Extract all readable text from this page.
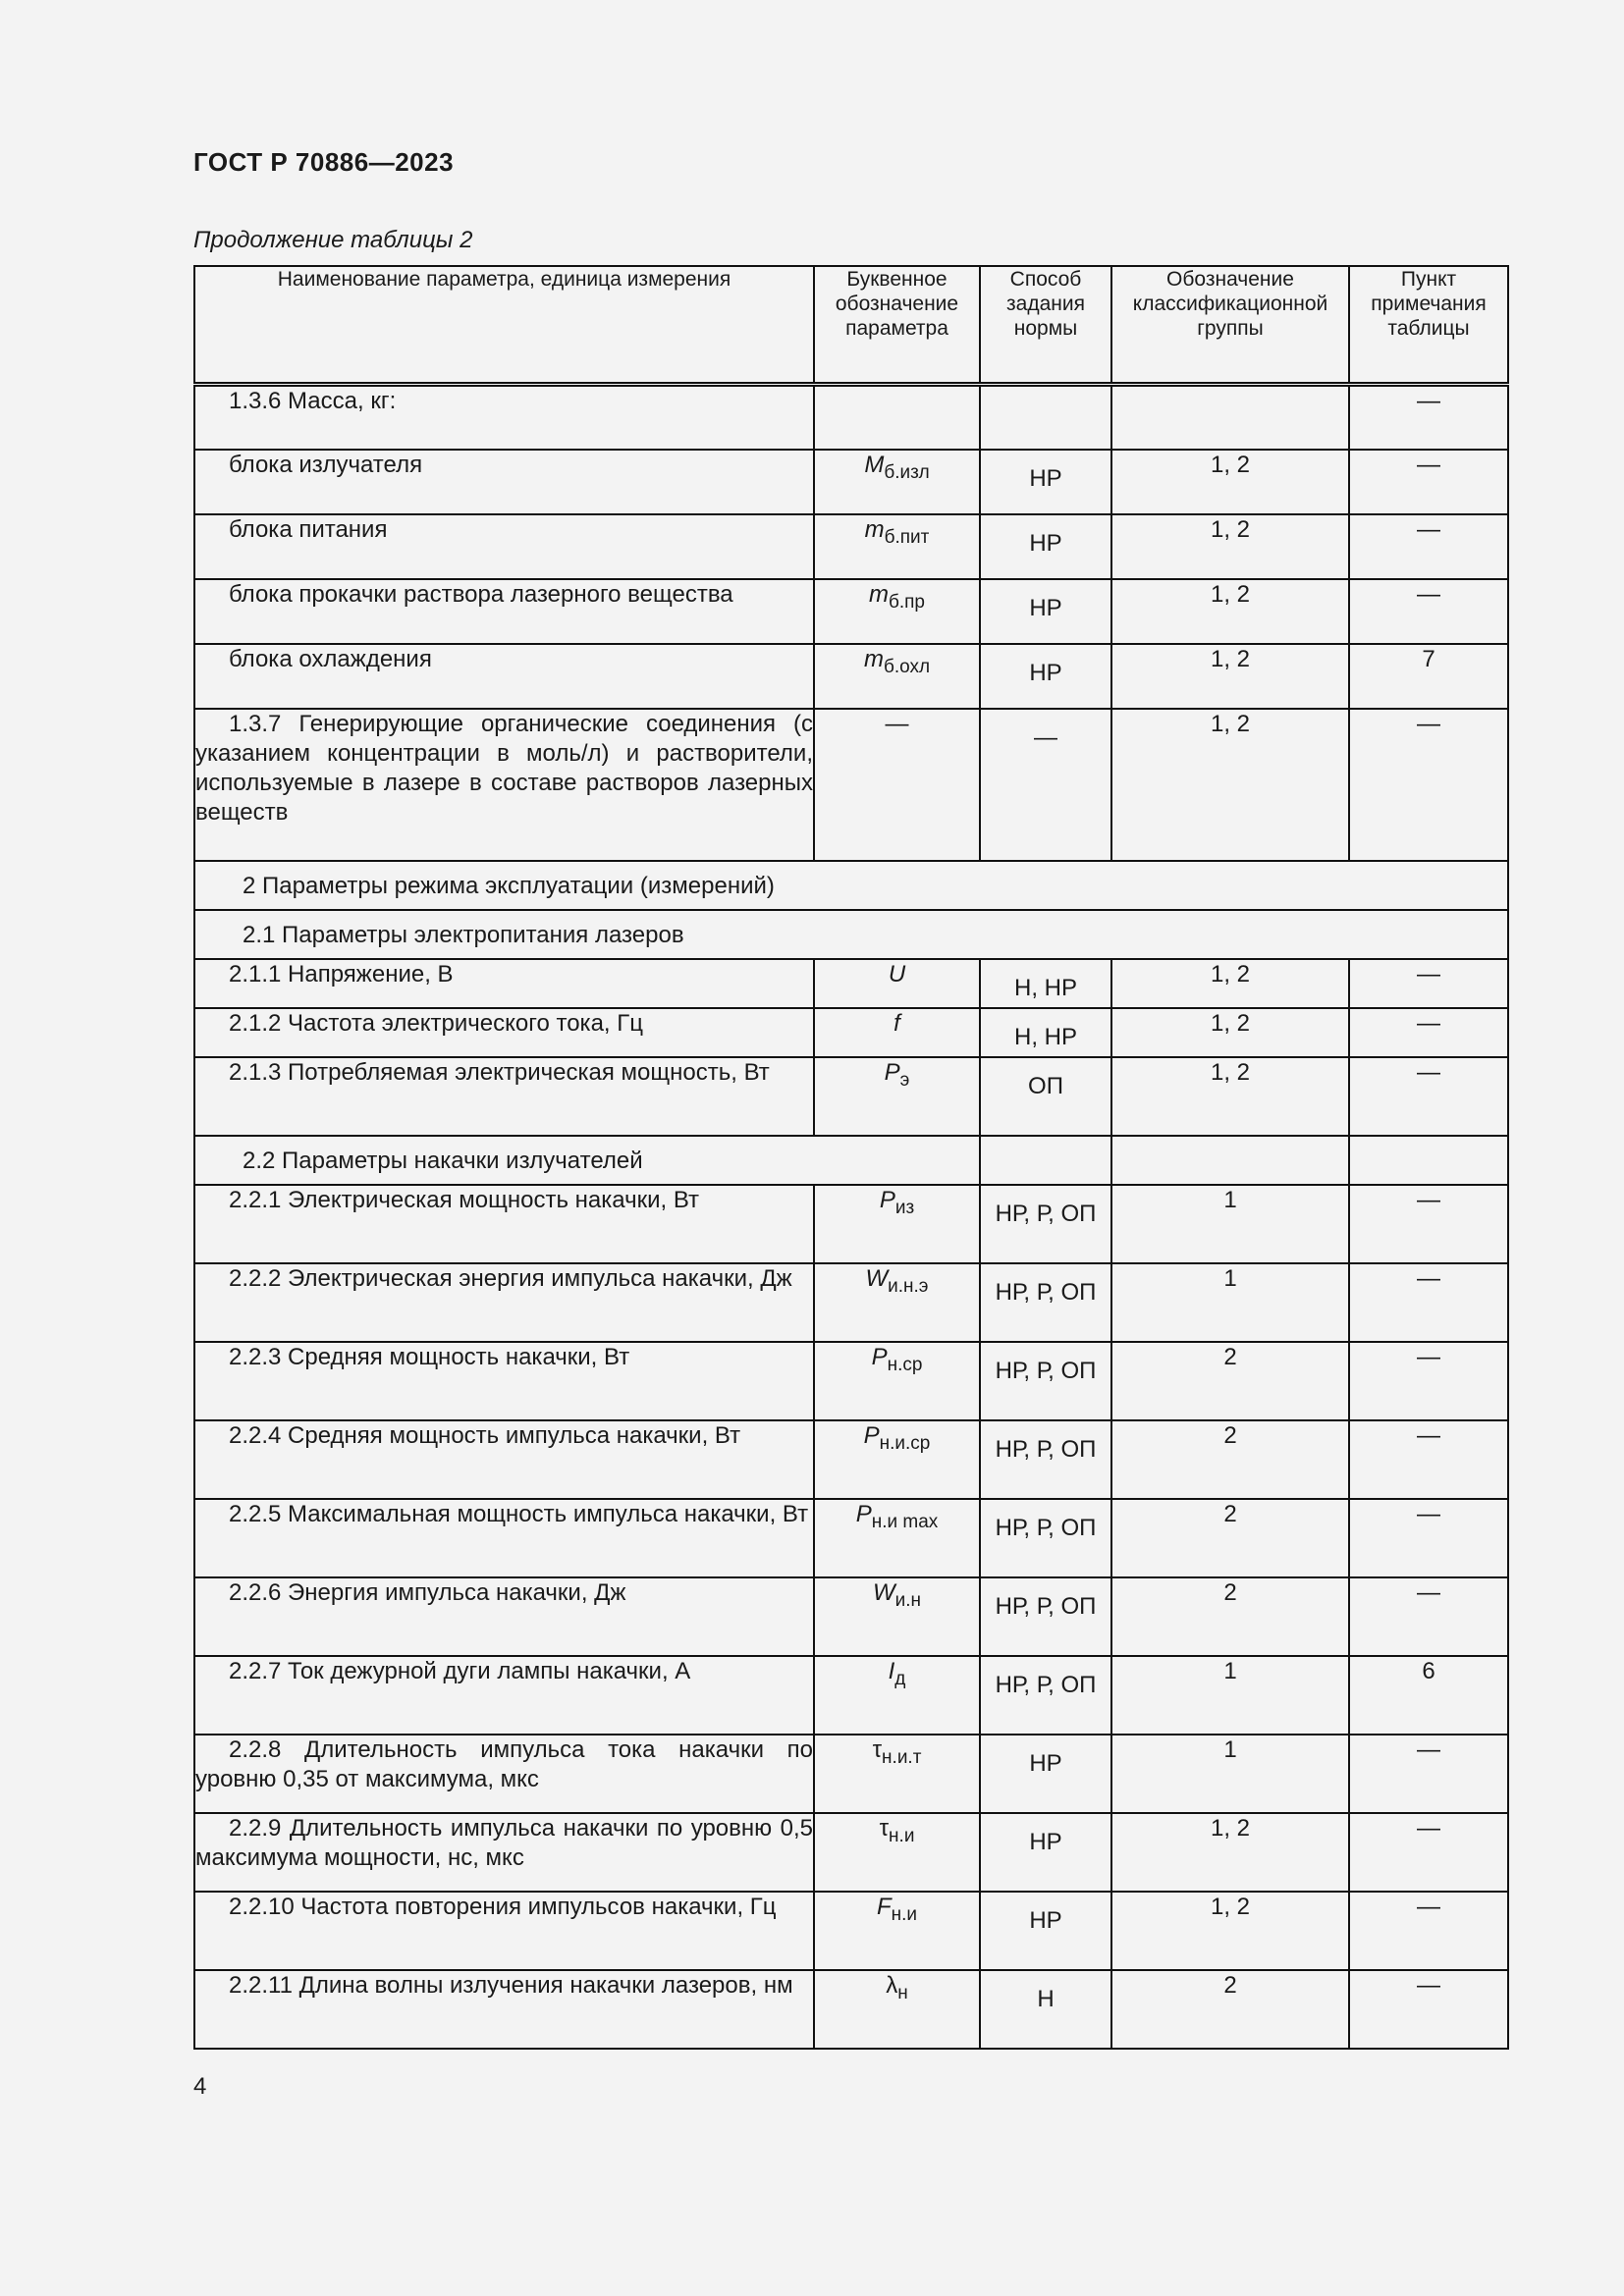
ГОСТ Р 70886—2023
Продолжение таблицы 2
Наименование параметра, единица измерения	Буквенное обозначение параметра	Способ задания нормы	Обозначение классификационной группы	Пункт примечания таблицы
1.3.6 Масса, кг:				—
блока излучателя	$M_{б.изл}$	НР	1, 2	—
блока питания	$m_{б.пит}$	НР	1, 2	—
блока прокачки раствора лазерного вещества	$m_{б.пр}$	НР	1, 2	—
блока охлаждения	$m_{б.охл}$	НР	1, 2	7
1.3.7 Генерирующие органические соединения (с указанием концентрации в моль/л) и растворители, используемые в лазере в составе растворов лазерных веществ	—	—	1, 2	—
2 Параметры режима эксплуатации (измерений)				
2.1 Параметры электропитания лазеров				
2.1.1 Напряжение, В	U	Н, НР	1, 2	—
2.1.2 Частота электрического тока, Гц	f	Н, НР	1, 2	—
2.1.3 Потребляемая электрическая мощность, Вт	$P_э$	ОП	1, 2	—
2.2 Параметры накачки излучателей				
2.2.1 Электрическая мощность накачки, Вт	$P_{из}$	НР, Р, ОП	1	—
2.2.2 Электрическая энергия импульса накачки, Дж	$W_{и.н.э}$	НР, Р, ОП	1	—
2.2.3 Средняя мощность накачки, Вт	$P_{н.ср}$	НР, Р, ОП	2	—
2.2.4 Средняя мощность импульса накачки, Вт	$P_{н.и.ср}$	НР, Р, ОП	2	—
2.2.5 Максимальная мощность импульса накачки, Вт	$P_{н.и max}$	НР, Р, ОП	2	—
2.2.6 Энергия импульса накачки, Дж	$W_{и.н}$	НР, Р, ОП	2	—
2.2.7 Ток дежурной дуги лампы накачки, А	$I_д$	НР, Р, ОП	1	6
2.2.8 Длительность импульса тока накачки по уровню 0,35 от максимума, мкс	$\tau_{н.и.т}$	НР	1	—
2.2.9 Длительность импульса накачки по уровню 0,5 максимума мощности, нс, мкс	$\tau_{н.и}$	НР	1, 2	—
2.2.10 Частота повторения импульсов накачки, Гц	$F_{н.и}$	НР	1, 2	—
2.2.11 Длина волны излучения накачки лазеров, нм	$\lambda_н$	Н	2	—
4
